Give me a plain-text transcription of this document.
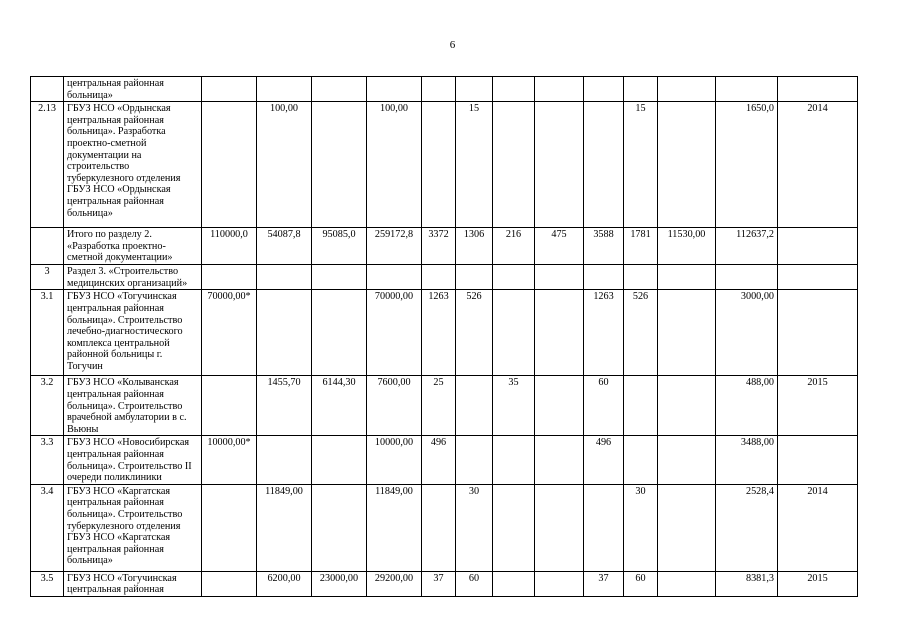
6
	центральная районная больница»													
2.13	ГБУЗ НСО «Ордынская центральная районная больница». Разработка проектно-сметной документации на строительство туберкулезного отделения ГБУЗ НСО «Ордынская центральная районная больница»		100,00		100,00		15				15		1650,0	2014
	Итого по разделу 2. «Разработка проектно-сметной документации»	110000,0	54087,8	95085,0	259172,8	3372	1306	216	475	3588	1781	11530,00	112637,2	
3	Раздел 3. «Строительство медицинских организаций»													
3.1	ГБУЗ НСО «Тогучинская центральная районная больница». Строительство лечебно-диагностического комплекса центральной районной больницы г. Тогучин	70000,00*			70000,00	1263	526			1263	526		3000,00	
3.2	ГБУЗ НСО «Колыванская центральная районная больница». Строительство врачебной амбулатории в с. Вьюны		1455,70	6144,30	7600,00	25		35		60			488,00	2015
3.3	ГБУЗ НСО «Новосибирская центральная районная больница». Строительство II очереди поликлиники	10000,00*			10000,00	496				496			3488,00	
3.4	ГБУЗ НСО «Каргатская центральная районная больница». Строительство туберкулезного отделения ГБУЗ НСО «Каргатская центральная районная больница»		11849,00		11849,00		30				30		2528,4	2014
3.5	ГБУЗ НСО «Тогучинская центральная районная		6200,00	23000,00	29200,00	37	60			37	60		8381,3	2015
